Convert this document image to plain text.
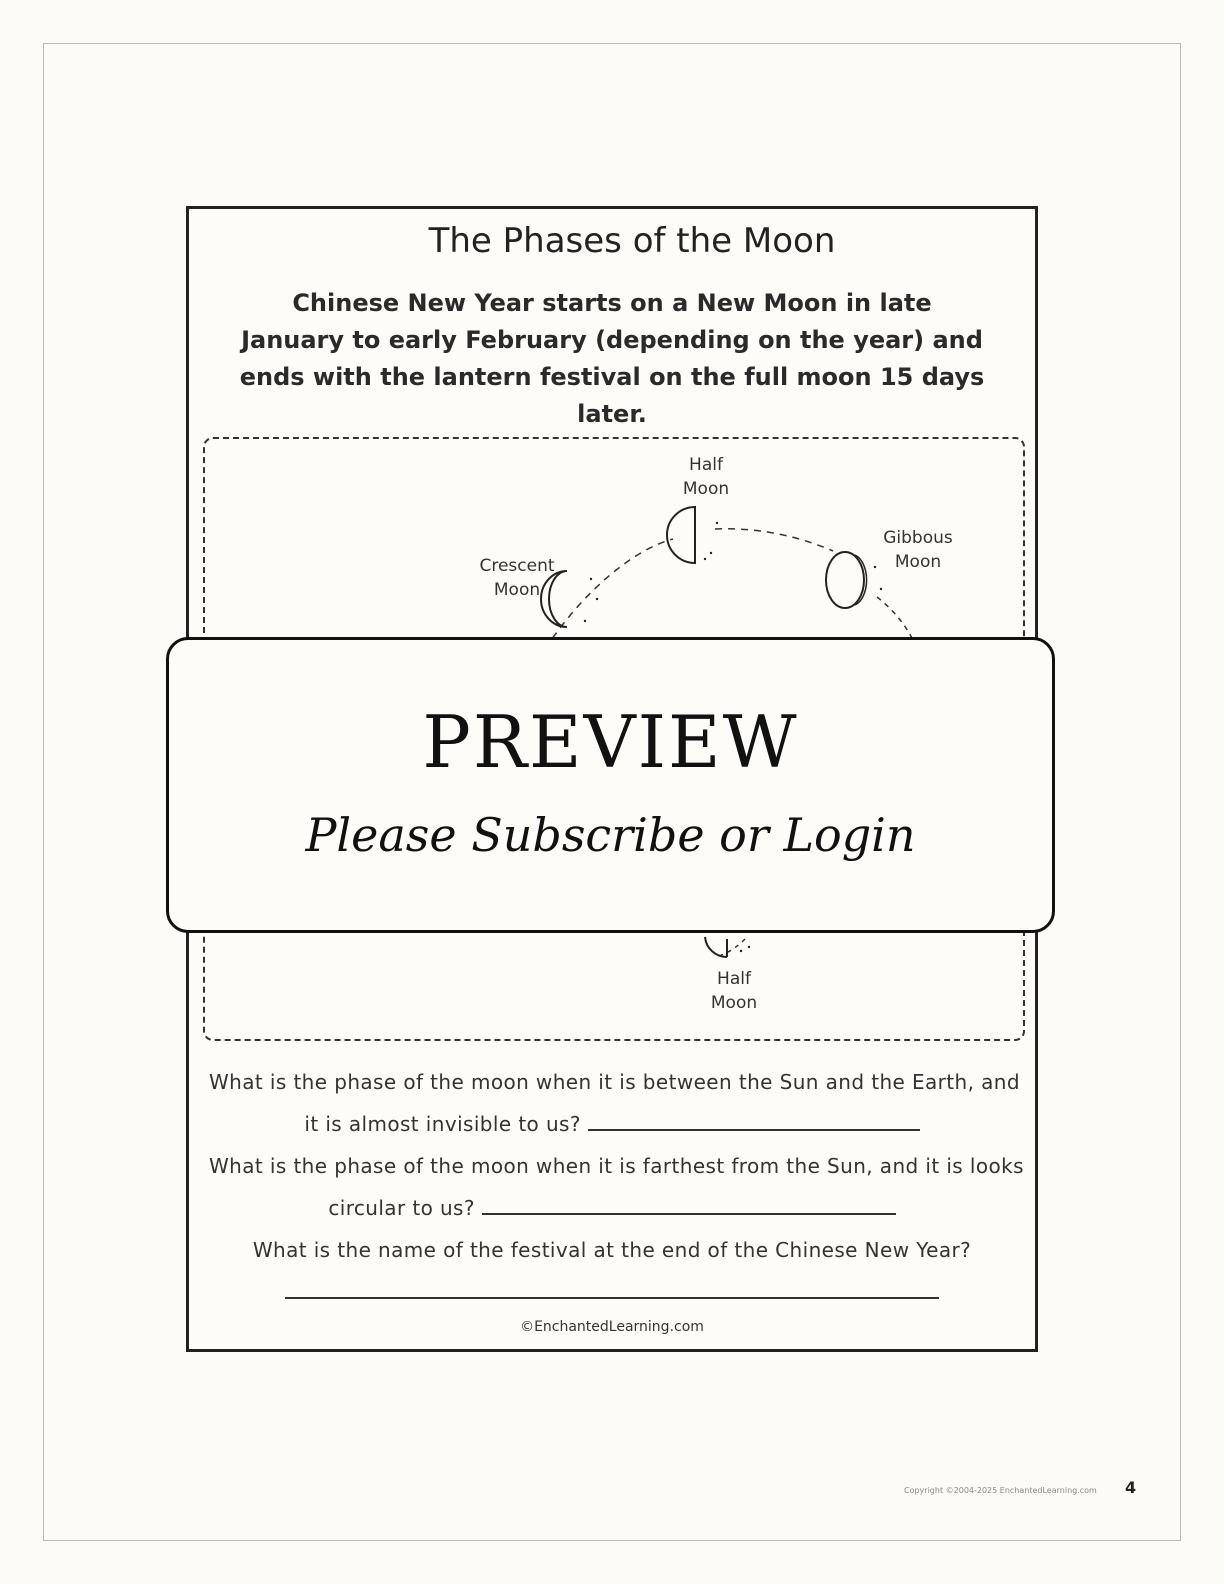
The Phases of the Moon
Chinese New Year starts on a New Moon in late January to early February (depending on the year) and ends with the lantern festival on the full moon 15 days later.
Half
Moon
Gibbous
Moon
Crescent
Moon
Half
Moon
What is the phase of the moon when it is between the Sun and the Earth, and
it is almost invisible to us?
What is the phase of the moon when it is farthest from the Sun, and it is looks
circular to us?
What is the name of the festival at the end of the Chinese New Year?
©EnchantedLearning.com
PREVIEW
Please Subscribe or Login
Copyright ©2004-2025 EnchantedLearning.com 4
